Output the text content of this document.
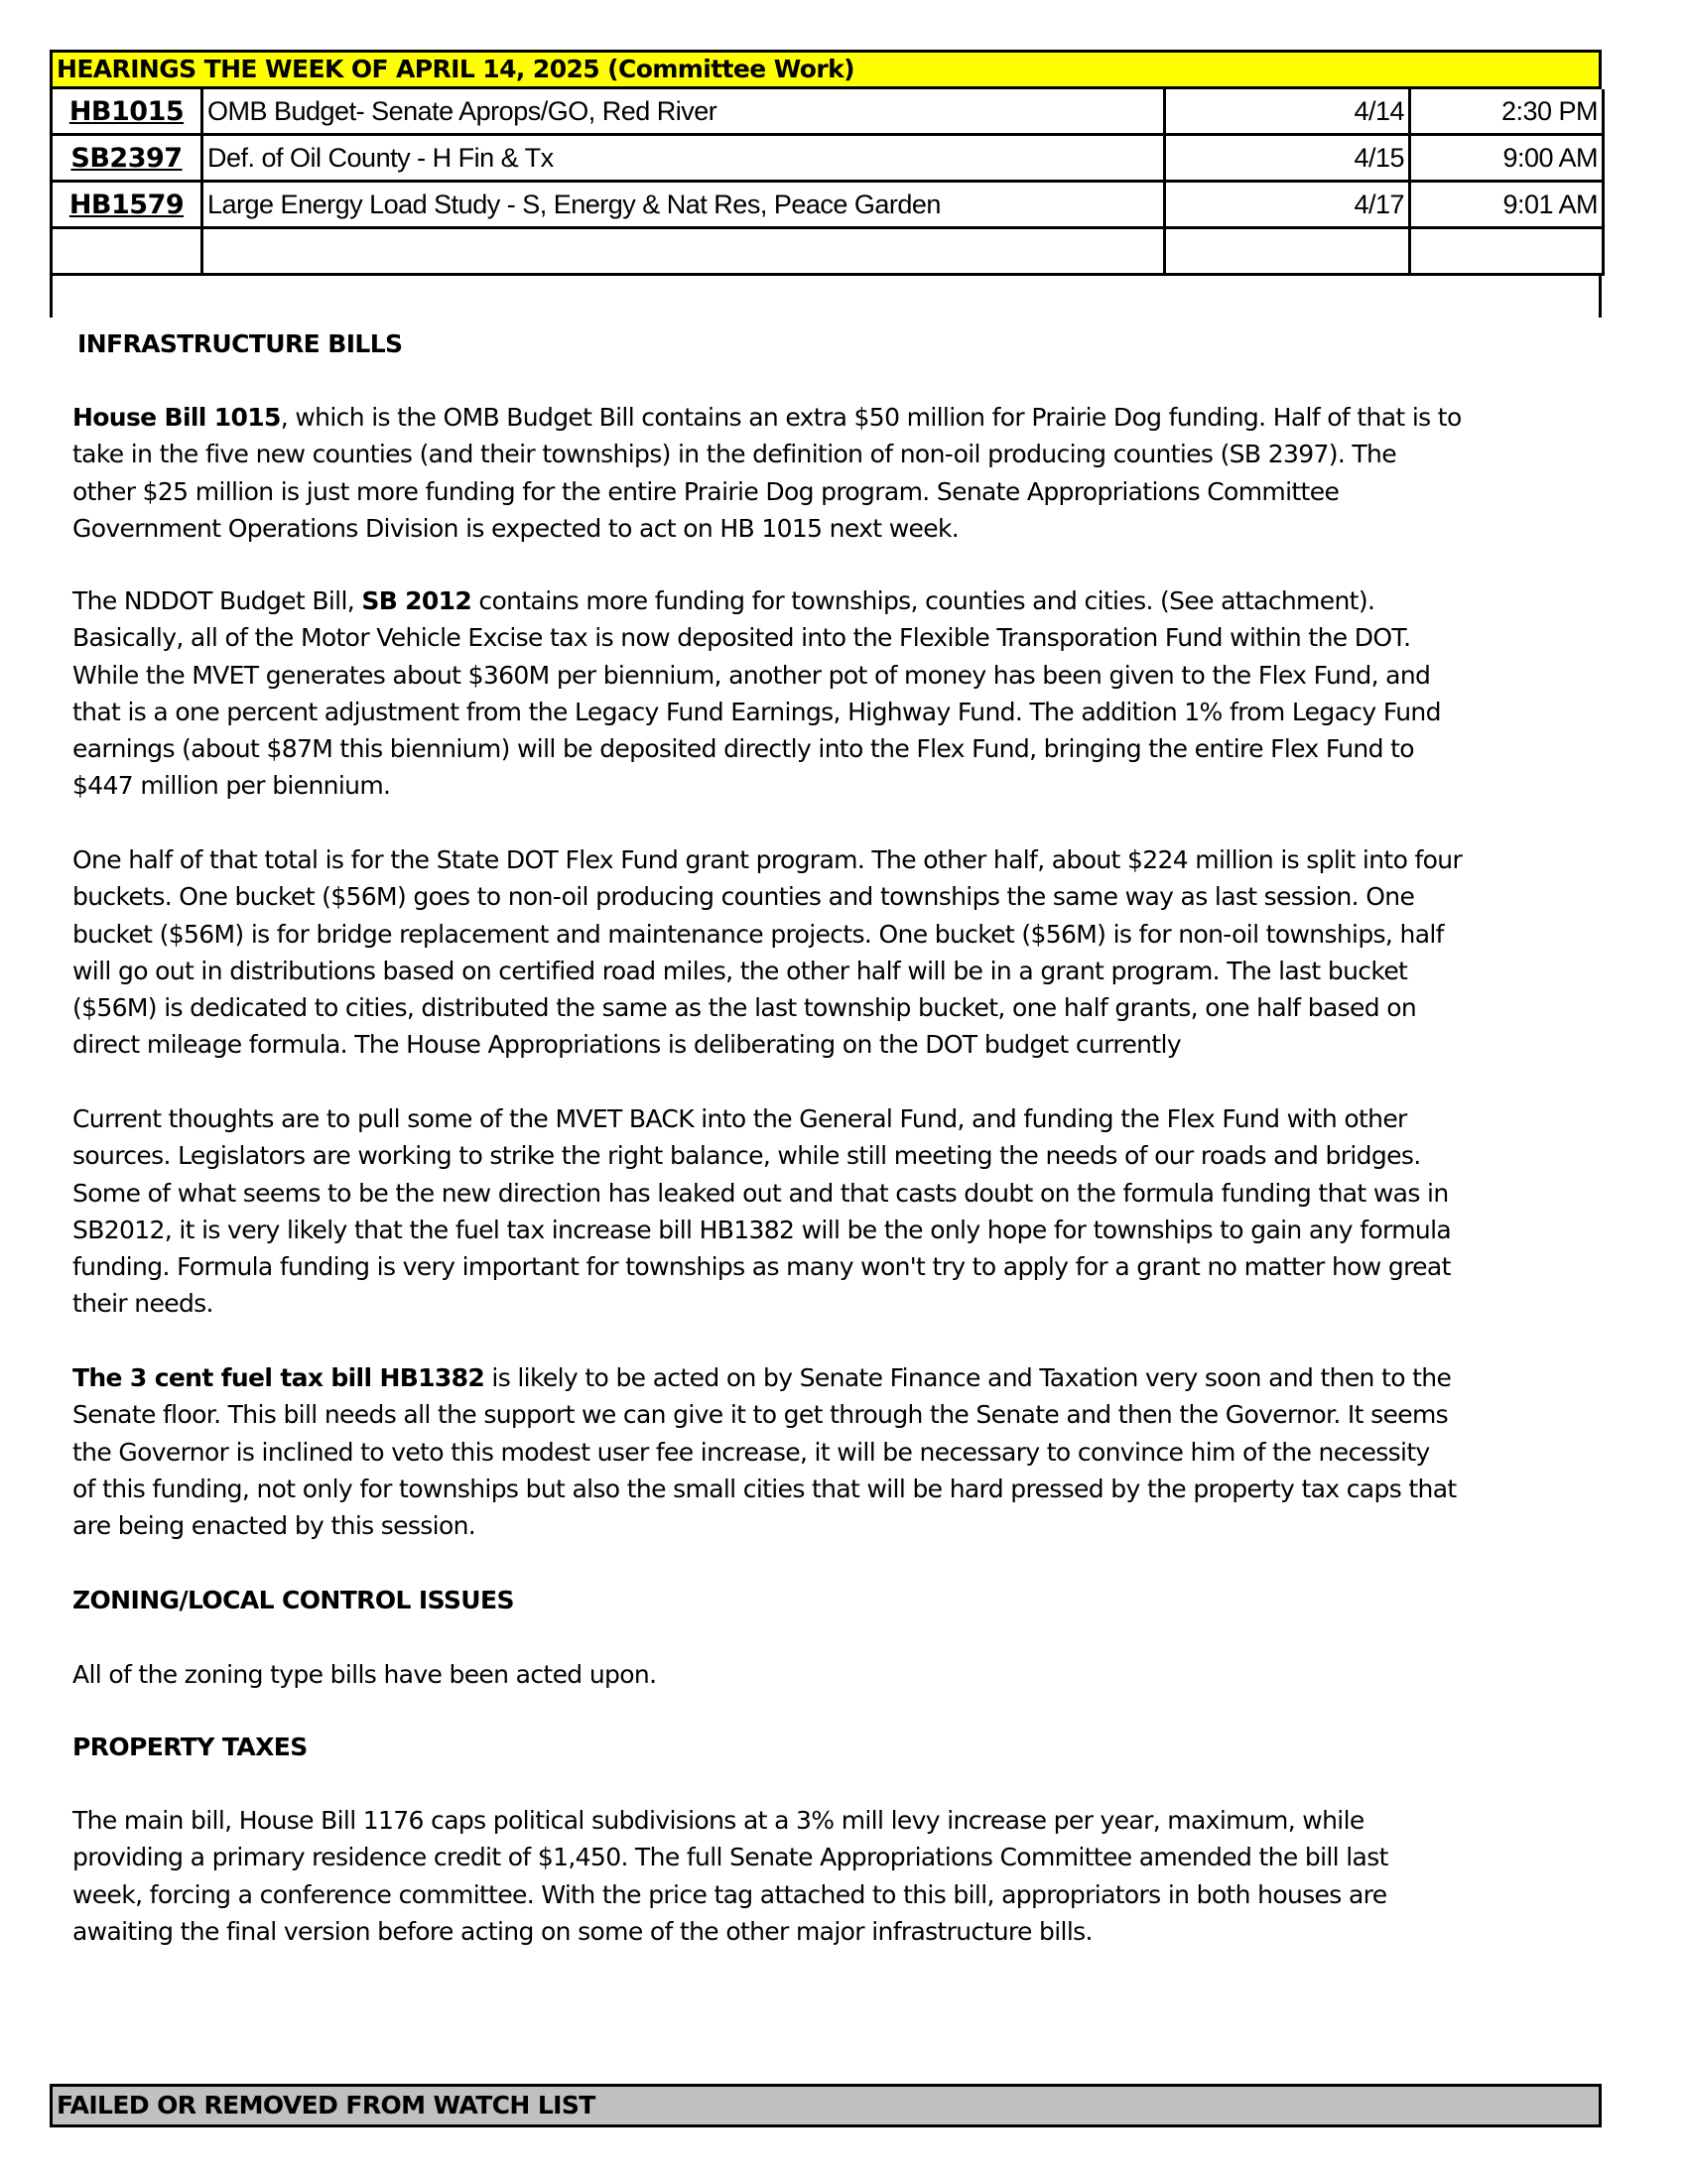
HEARINGS THE WEEK OF APRIL 14, 2025 (Committee Work)
HB1015	OMB Budget- Senate Aprops/GO, Red River	4/14	2:30 PM
SB2397	Def. of Oil County - H Fin & Tx	4/15	9:00 AM
HB1579	Large Energy Load Study - S, Energy & Nat Res, Peace Garden	4/17	9:01 AM

INFRASTRUCTURE BILLS
House Bill 1015, which is the OMB Budget Bill contains an extra $50 million for Prairie Dog funding. Half of that is to
take in the five new counties (and their townships) in the definition of non-oil producing counties (SB 2397). The
other $25 million is just more funding for the entire Prairie Dog program. Senate Appropriations Committee
Government Operations Division is expected to act on HB 1015 next week.
The NDDOT Budget Bill, SB 2012 contains more funding for townships, counties and cities. (See attachment).
Basically, all of the Motor Vehicle Excise tax is now deposited into the Flexible Transporation Fund within the DOT.
While the MVET generates about $360M per biennium, another pot of money has been given to the Flex Fund, and
that is a one percent adjustment from the Legacy Fund Earnings, Highway Fund. The addition 1% from Legacy Fund
earnings (about $87M this biennium) will be deposited directly into the Flex Fund, bringing the entire Flex Fund to
$447 million per biennium.
One half of that total is for the State DOT Flex Fund grant program. The other half, about $224 million is split into four
buckets. One bucket ($56M) goes to non-oil producing counties and townships the same way as last session. One
bucket ($56M) is for bridge replacement and maintenance projects. One bucket ($56M) is for non-oil townships, half
will go out in distributions based on certified road miles, the other half will be in a grant program. The last bucket
($56M) is dedicated to cities, distributed the same as the last township bucket, one half grants, one half based on
direct mileage formula. The House Appropriations is deliberating on the DOT budget currently
Current thoughts are to pull some of the MVET BACK into the General Fund, and funding the Flex Fund with other
sources. Legislators are working to strike the right balance, while still meeting the needs of our roads and bridges.
Some of what seems to be the new direction has leaked out and that casts doubt on the formula funding that was in
SB2012, it is very likely that the fuel tax increase bill HB1382 will be the only hope for townships to gain any formula
funding. Formula funding is very important for townships as many won't try to apply for a grant no matter how great
their needs.
The 3 cent fuel tax bill HB1382 is likely to be acted on by Senate Finance and Taxation very soon and then to the
Senate floor. This bill needs all the support we can give it to get through the Senate and then the Governor. It seems
the Governor is inclined to veto this modest user fee increase, it will be necessary to convince him of the necessity
of this funding, not only for townships but also the small cities that will be hard pressed by the property tax caps that
are being enacted by this session.
ZONING/LOCAL CONTROL ISSUES
All of the zoning type bills have been acted upon.
PROPERTY TAXES
The main bill, House Bill 1176 caps political subdivisions at a 3% mill levy increase per year, maximum, while
providing a primary residence credit of $1,450. The full Senate Appropriations Committee amended the bill last
week, forcing a conference committee. With the price tag attached to this bill, appropriators in both houses are
awaiting the final version before acting on some of the other major infrastructure bills.
FAILED OR REMOVED FROM WATCH LIST
